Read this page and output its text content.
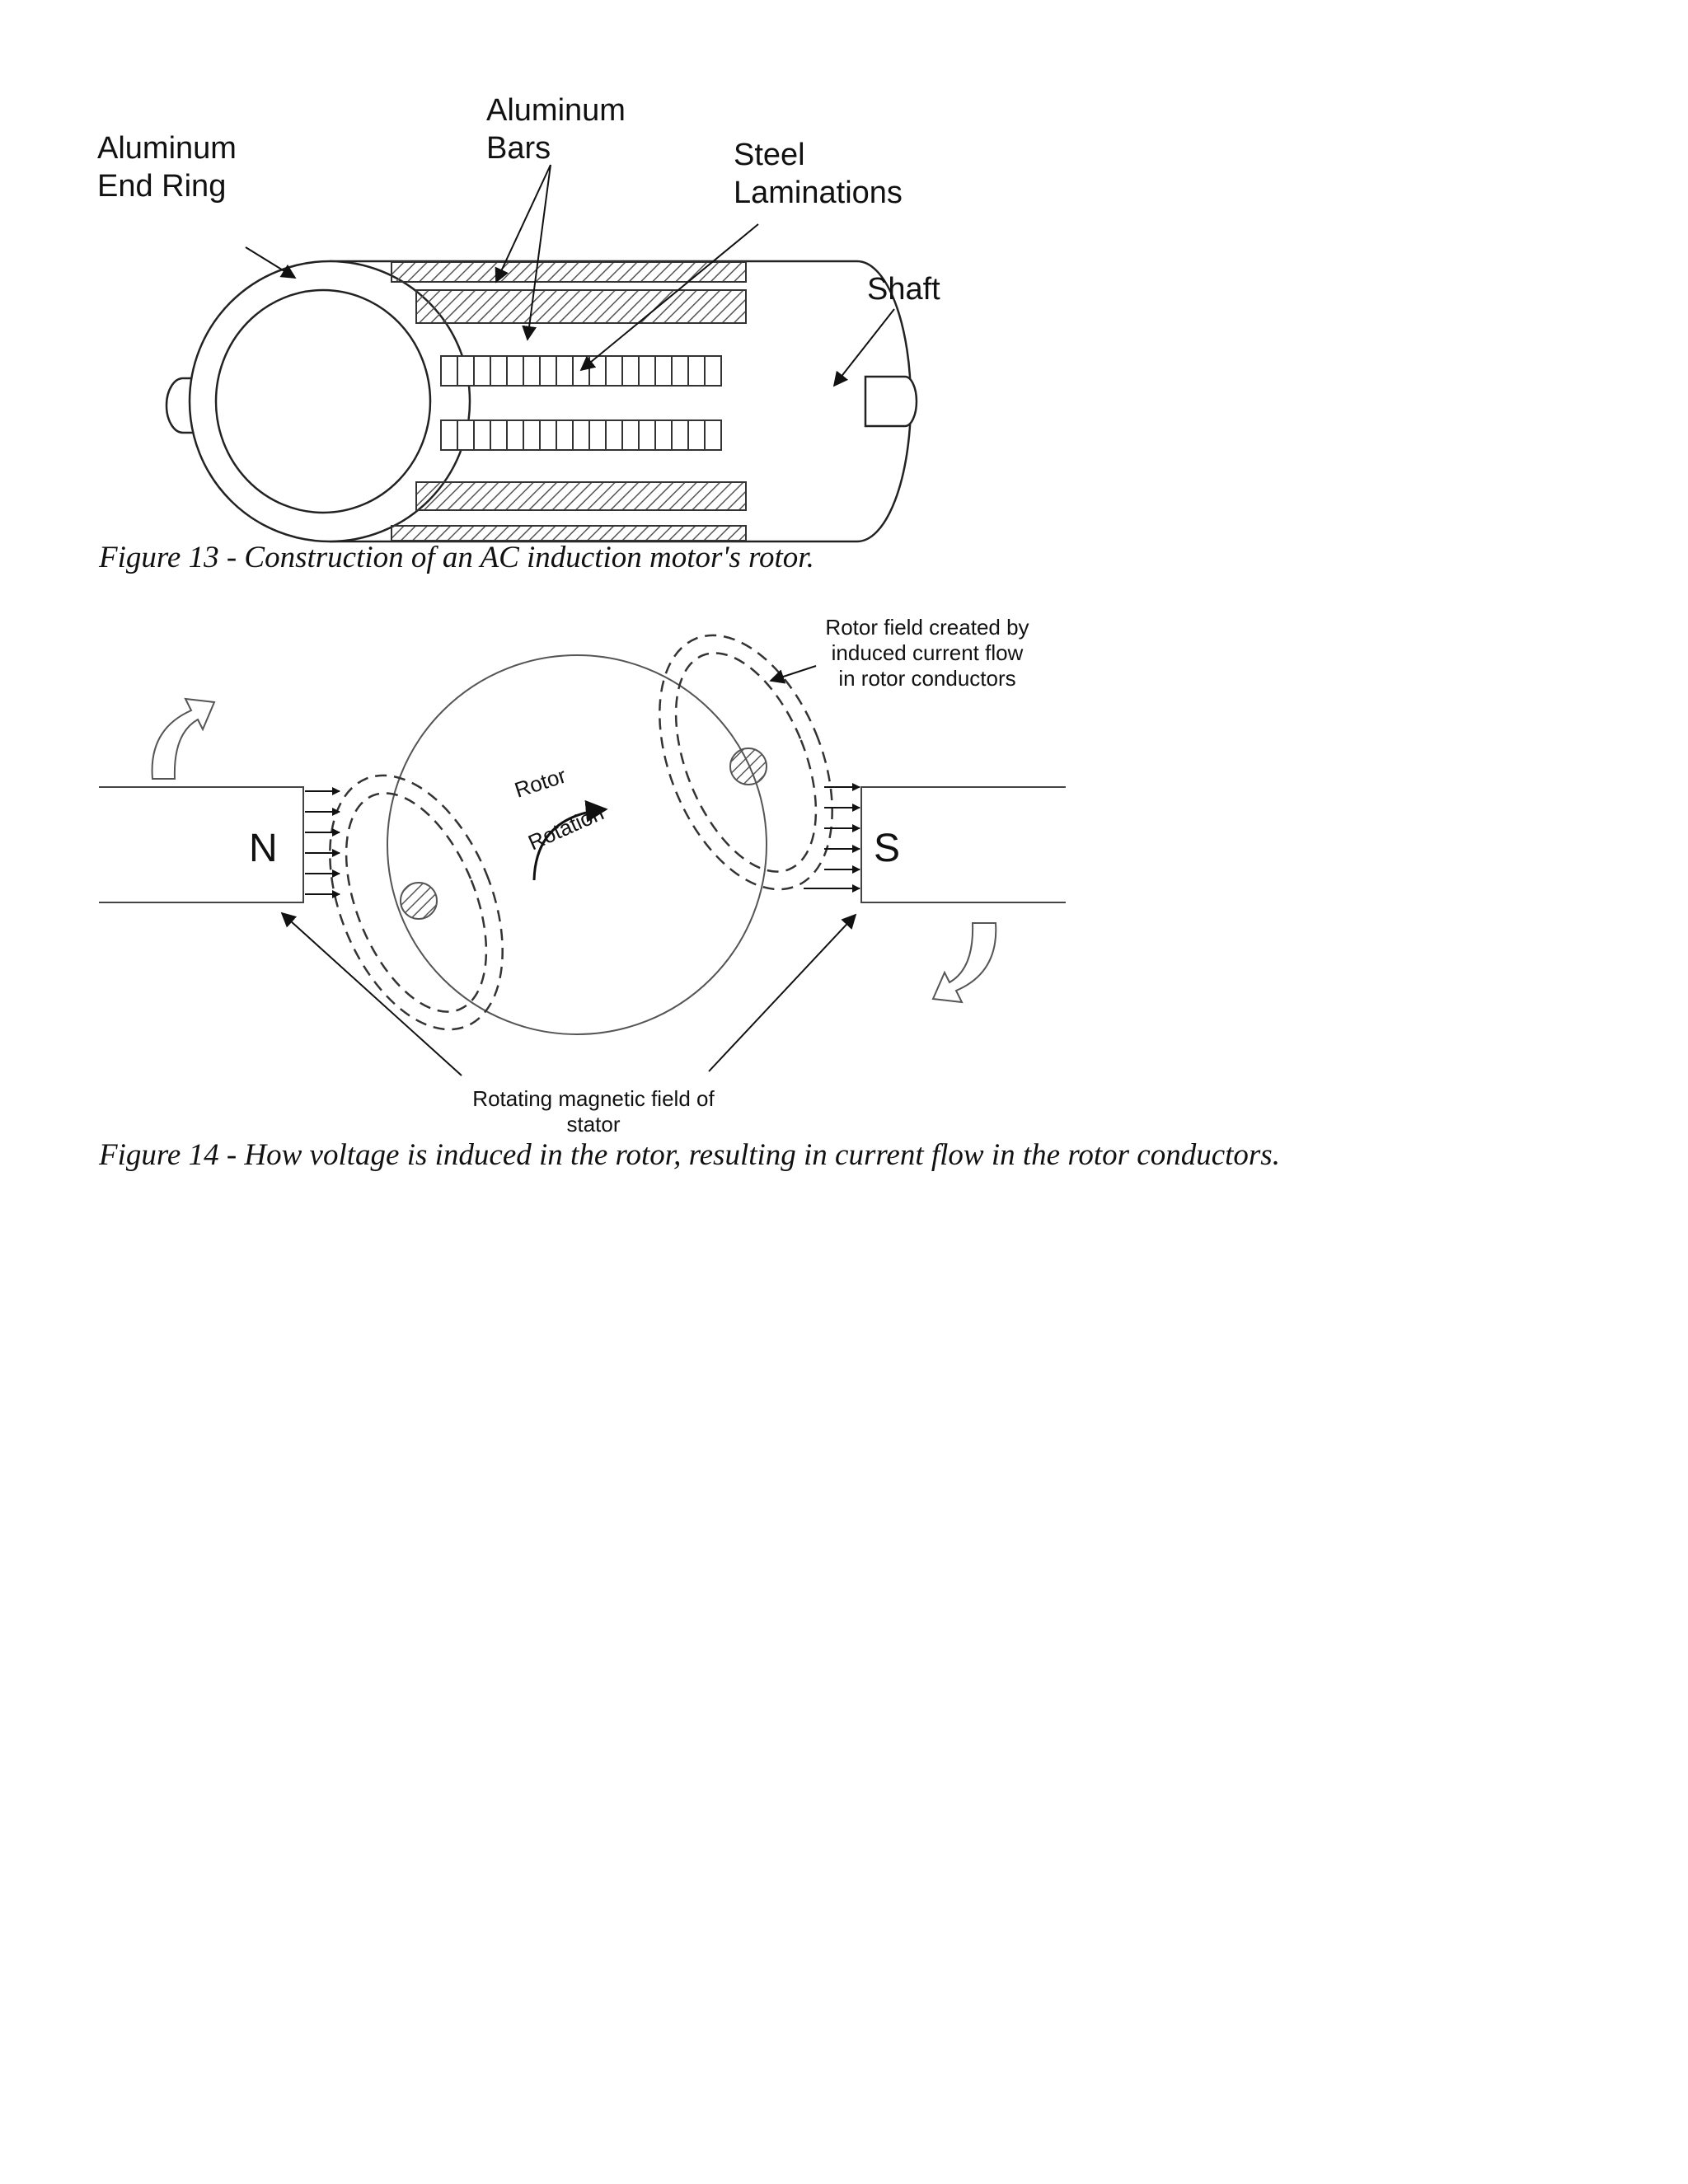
Aluminum
End Ring
Aluminum
Bars	Steel
Laminations
Shaft
N	S
Rotor
Rotation
Rotor field created by
induced current flow
in rotor conductors
Rotating magnetic field of
stator
Figure 13 - Construction of an AC induction motor's rotor.
Figure 14 - How voltage is induced in the rotor, resulting in current flow in the rotor conductors.
